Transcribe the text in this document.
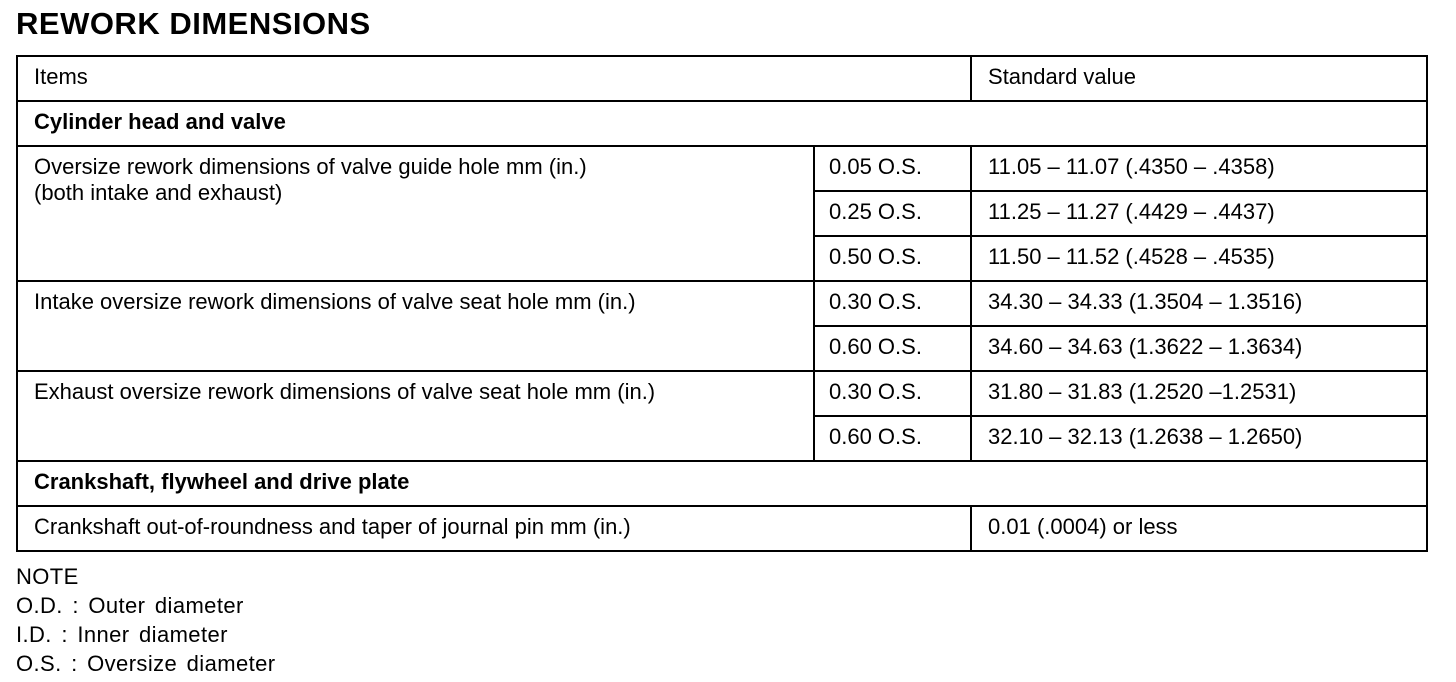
REWORK DIMENSIONS
Items		Standard value
Cylinder head and valve		

Oversize rework dimensions of valve guide hole mm (in.)
(both intake and exhaust)	0.05 O.S.	11.05 – 11.07 (.4350 – .4358)
	0.25 O.S.	11.25 – 11.27 (.4429 – .4437)
	0.50 O.S.	11.50 – 11.52 (.4528 – .4535)
Intake oversize rework dimensions of valve seat hole mm (in.)	0.30 O.S.	34.30 – 34.33 (1.3504 – 1.3516)
	0.60 O.S.	34.60 – 34.63 (1.3622 – 1.3634)
Exhaust oversize rework dimensions of valve seat hole mm (in.)	0.30 O.S.	31.80 – 31.83 (1.2520 –1.2531)
	0.60 O.S.	32.10 – 32.13 (1.2638 – 1.2650)
Crankshaft, flywheel and drive plate		
Crankshaft out-of-roundness and taper of journal pin mm (in.)		0.01 (.0004) or less
NOTE
O.D. : Outer diameter
I.D. : Inner diameter
O.S. : Oversize diameter
